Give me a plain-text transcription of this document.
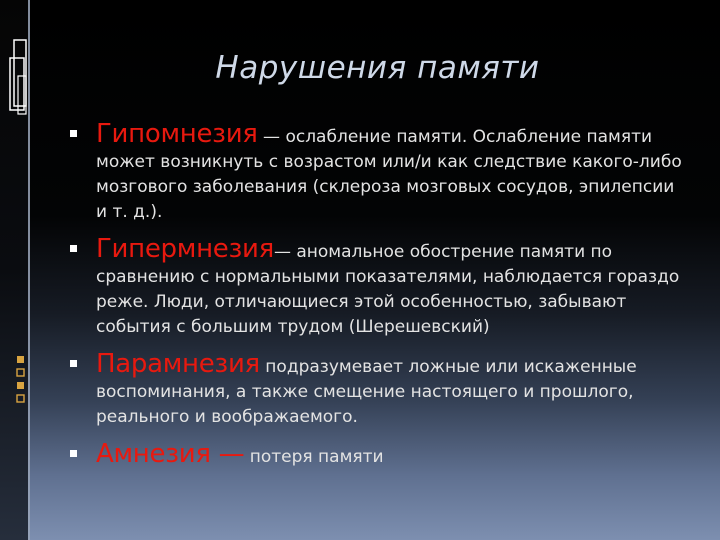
Нарушения памяти
Гипомнезия — ослабление памяти. Ослабление памяти может возникнуть с возрастом или/и как следствие какого-либо мозгового заболевания (склероза мозговых сосудов, эпилепсии и т. д.).
Гипермнезия— аномальное обострение памяти по сравнению с нормальными показателями, наблюдается гораздо реже. Люди, отличающиеся этой особенностью, забывают события с большим трудом (Шерешевский)
Парамнезия подразумевает ложные или искаженные воспоминания, а также смещение настоящего и прошлого, реального и воображаемого.
Амнезия — потеря памяти
